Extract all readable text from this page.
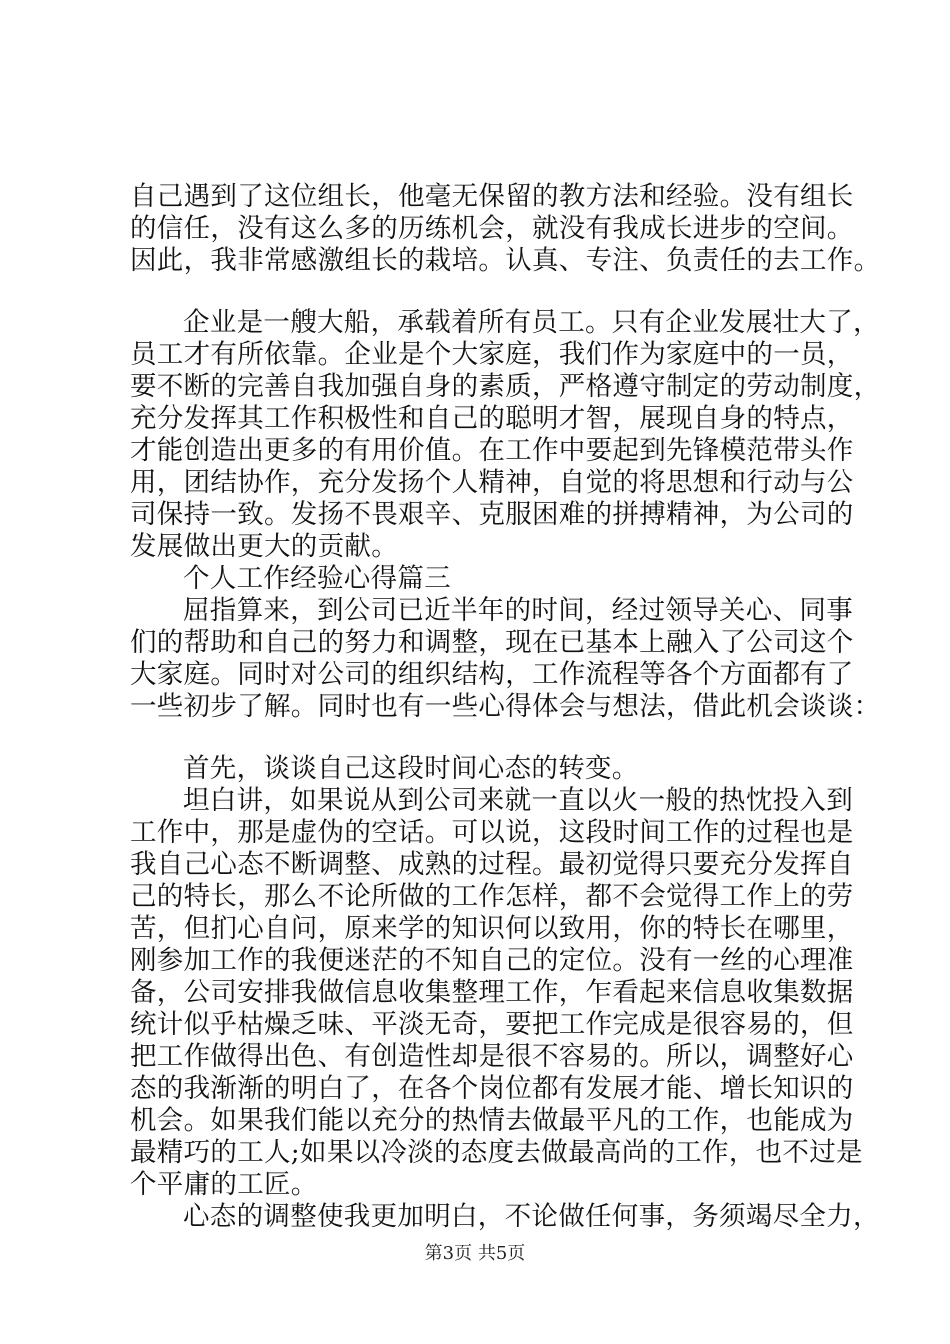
自己遇到了这位组长，他毫无保留的教方法和经验。没有组长
的信任，没有这么多的历练机会，就没有我成长进步的空间。
因此，我非常感激组长的栽培。认真、专注、负责任的去工作。
企业是一艘大船，承载着所有员工。只有企业发展壮大了，
员工才有所依靠。企业是个大家庭，我们作为家庭中的一员，
要不断的完善自我加强自身的素质，严格遵守制定的劳动制度，
充分发挥其工作积极性和自己的聪明才智，展现自身的特点，
才能创造出更多的有用价值。在工作中要起到先锋模范带头作
用，团结协作，充分发扬个人精神，自觉的将思想和行动与公
司保持一致。发扬不畏艰辛、克服困难的拼搏精神，为公司的
发展做出更大的贡献。
个人工作经验心得篇三
屈指算来，到公司已近半年的时间，经过领导关心、同事
们的帮助和自己的努力和调整，现在已基本上融入了公司这个
大家庭。同时对公司的组织结构，工作流程等各个方面都有了
一些初步了解。同时也有一些心得体会与想法，借此机会谈谈：
首先，谈谈自己这段时间心态的转变。
坦白讲，如果说从到公司来就一直以火一般的热忱投入到
工作中，那是虚伪的空话。可以说，这段时间工作的过程也是
我自己心态不断调整、成熟的过程。最初觉得只要充分发挥自
己的特长，那么不论所做的工作怎样，都不会觉得工作上的劳
苦，但扪心自问，原来学的知识何以致用，你的特长在哪里，
刚参加工作的我便迷茫的不知自己的定位。没有一丝的心理准
备，公司安排我做信息收集整理工作，乍看起来信息收集数据
统计似乎枯燥乏味、平淡无奇，要把工作完成是很容易的，但
把工作做得出色、有创造性却是很不容易的。所以，调整好心
态的我渐渐的明白了，在各个岗位都有发展才能、增长知识的
机会。如果我们能以充分的热情去做最平凡的工作，也能成为
最精巧的工人;如果以冷淡的态度去做最高尚的工作，也不过是
个平庸的工匠。
心态的调整使我更加明白，不论做任何事，务须竭尽全力，
第3页 共5页
